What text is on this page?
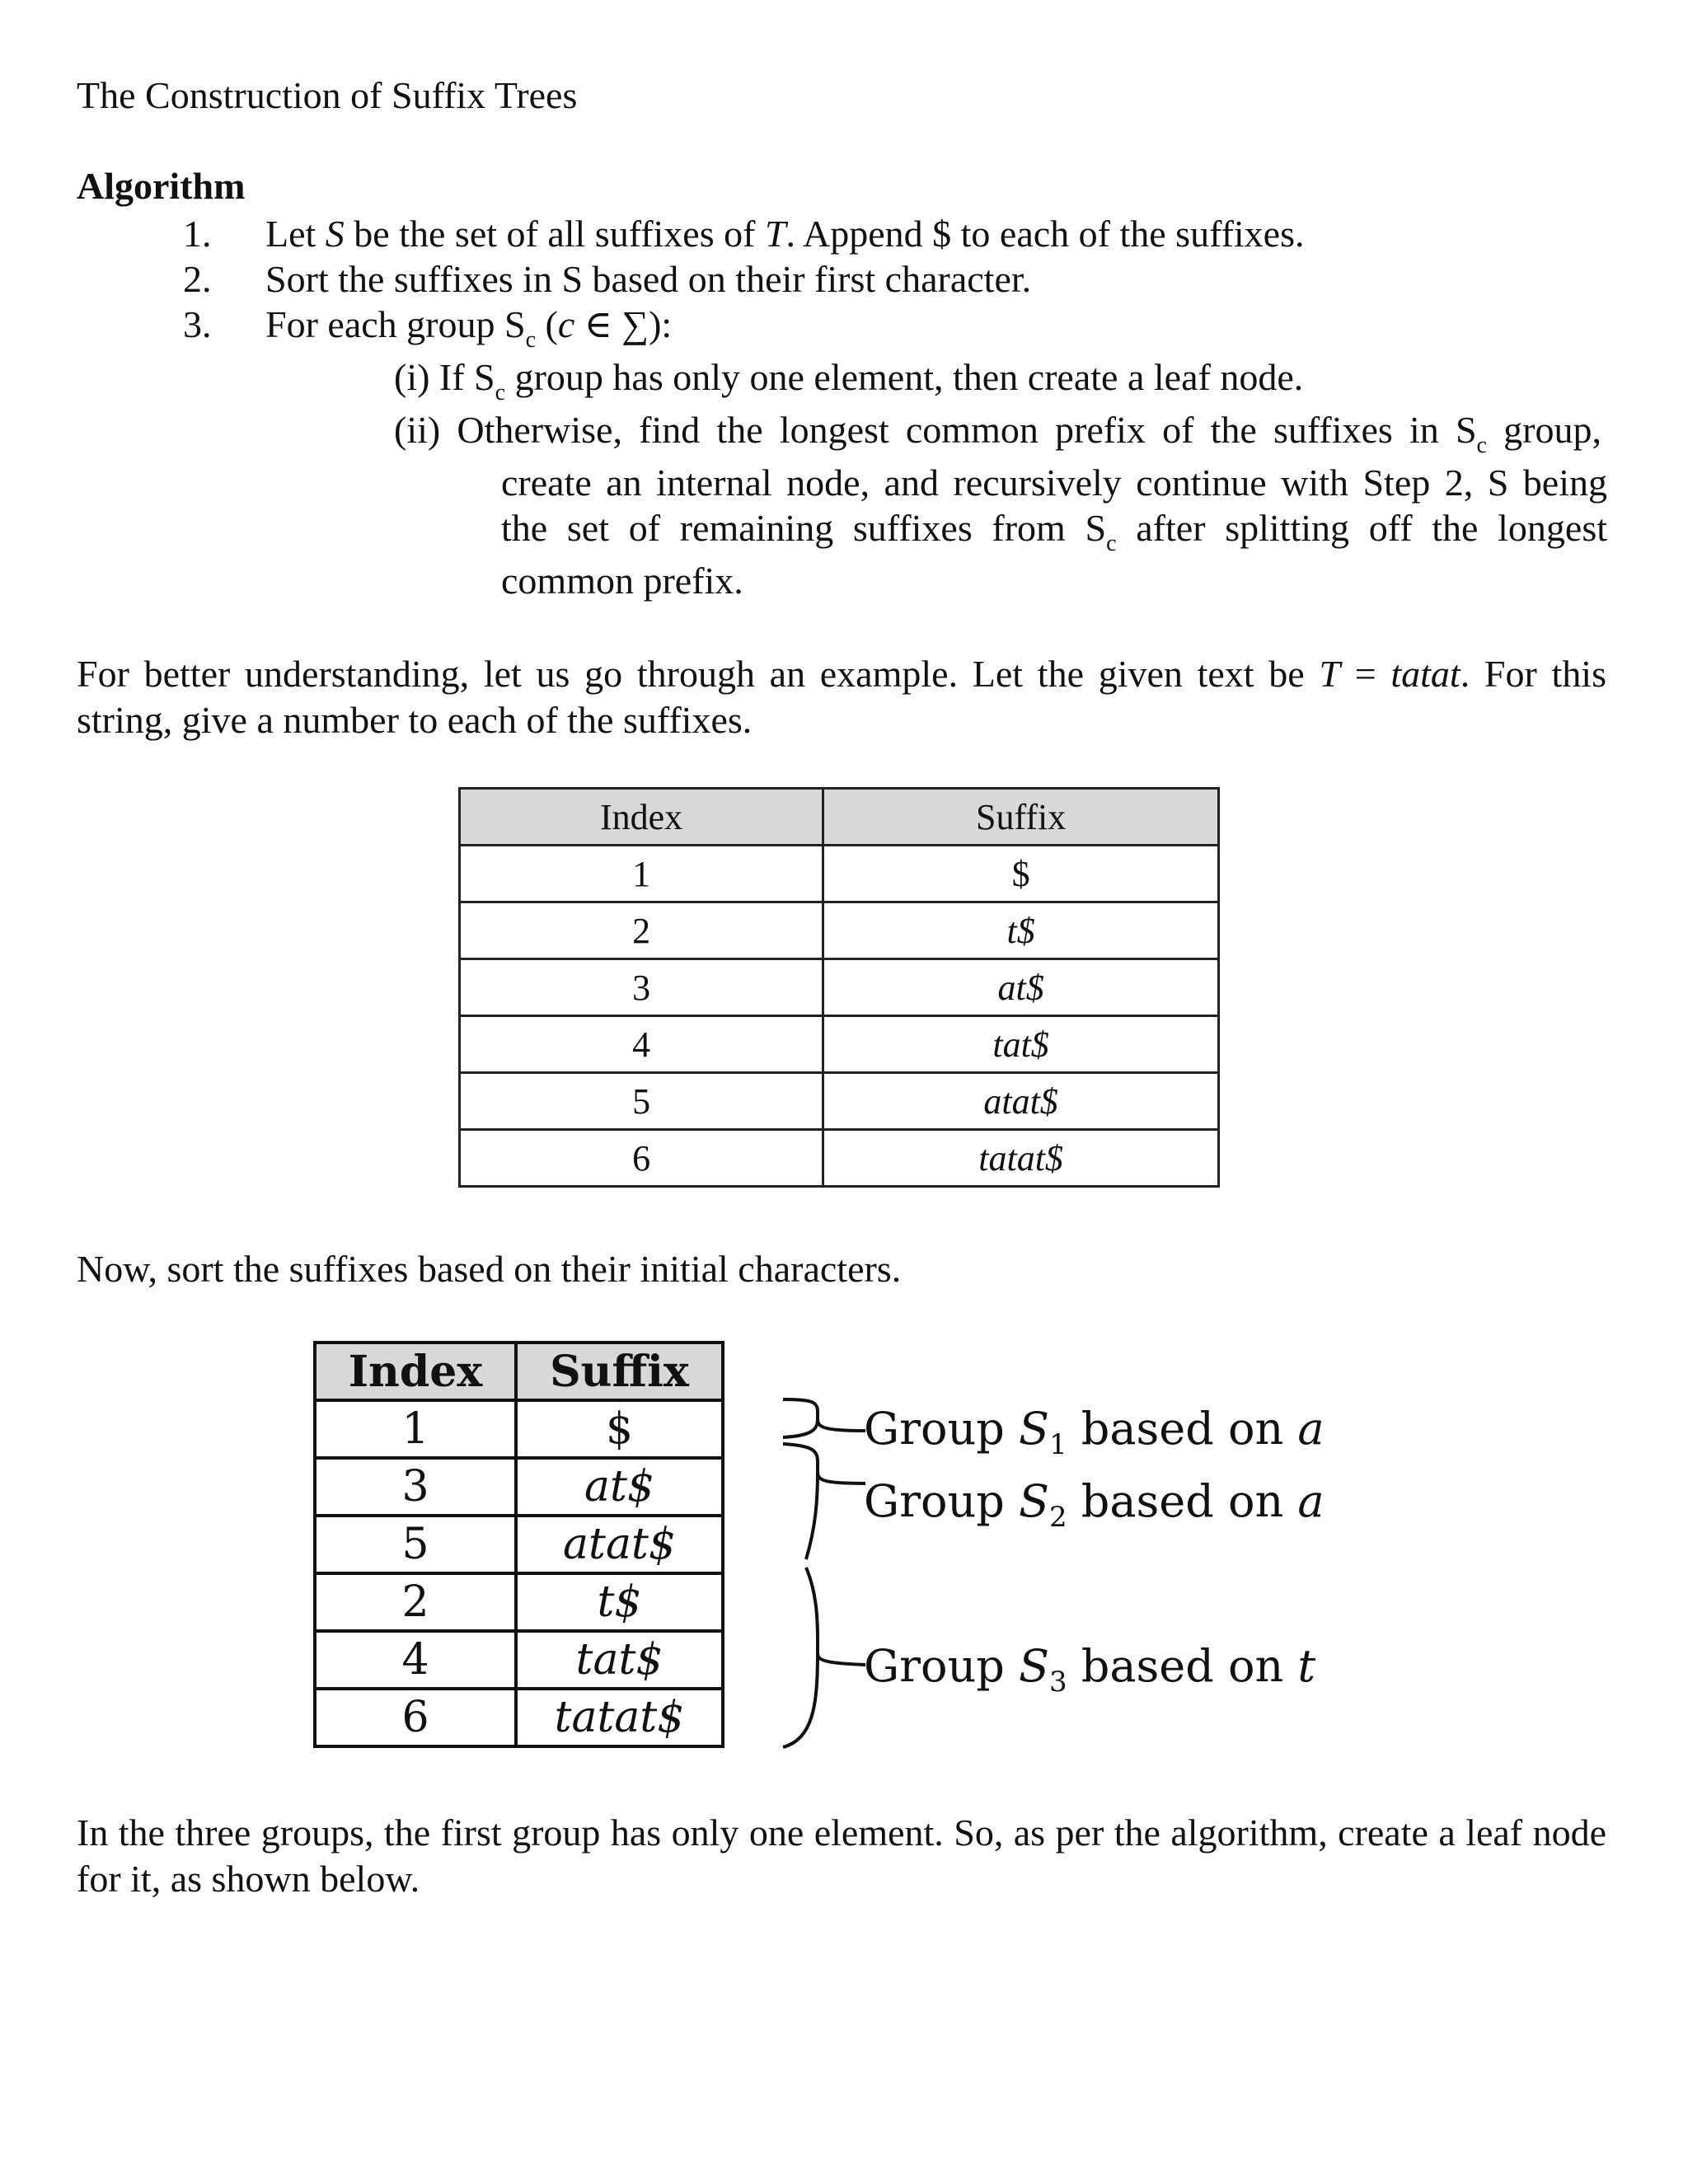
The Construction of Suffix Trees
Algorithm
1. Let S be the set of all suffixes of T. Append $ to each of the suffixes.
2. Sort the suffixes in S based on their first character.
3. For each group $S_c$ (c ∈ ∑):
(i) If $S_c$ group has only one element, then create a leaf node.
(ii) Otherwise, find the longest common prefix of the suffixes in $S_c$ group,
create an internal node, and recursively continue with Step 2, S being
the set of remaining suffixes from $S_c$ after splitting off the longest
common prefix.
For better understanding, let us go through an example. Let the given text be T = tatat. For this string, give a number to each of the suffixes.
Index	Suffix
1	$
2	t$
3	at$
4	tat$
5	atat$
6	tatat$
Now, sort the suffixes based on their initial characters.
Index	Suffix
1	$
3	at$
5	atat$
2	t$
4	tat$
6	tatat$
Group $S_1$ based on a
Group $S_2$ based on a
Group $S_3$ based on t
In the three groups, the first group has only one element. So, as per the algorithm, create a leaf node for it, as shown below.
